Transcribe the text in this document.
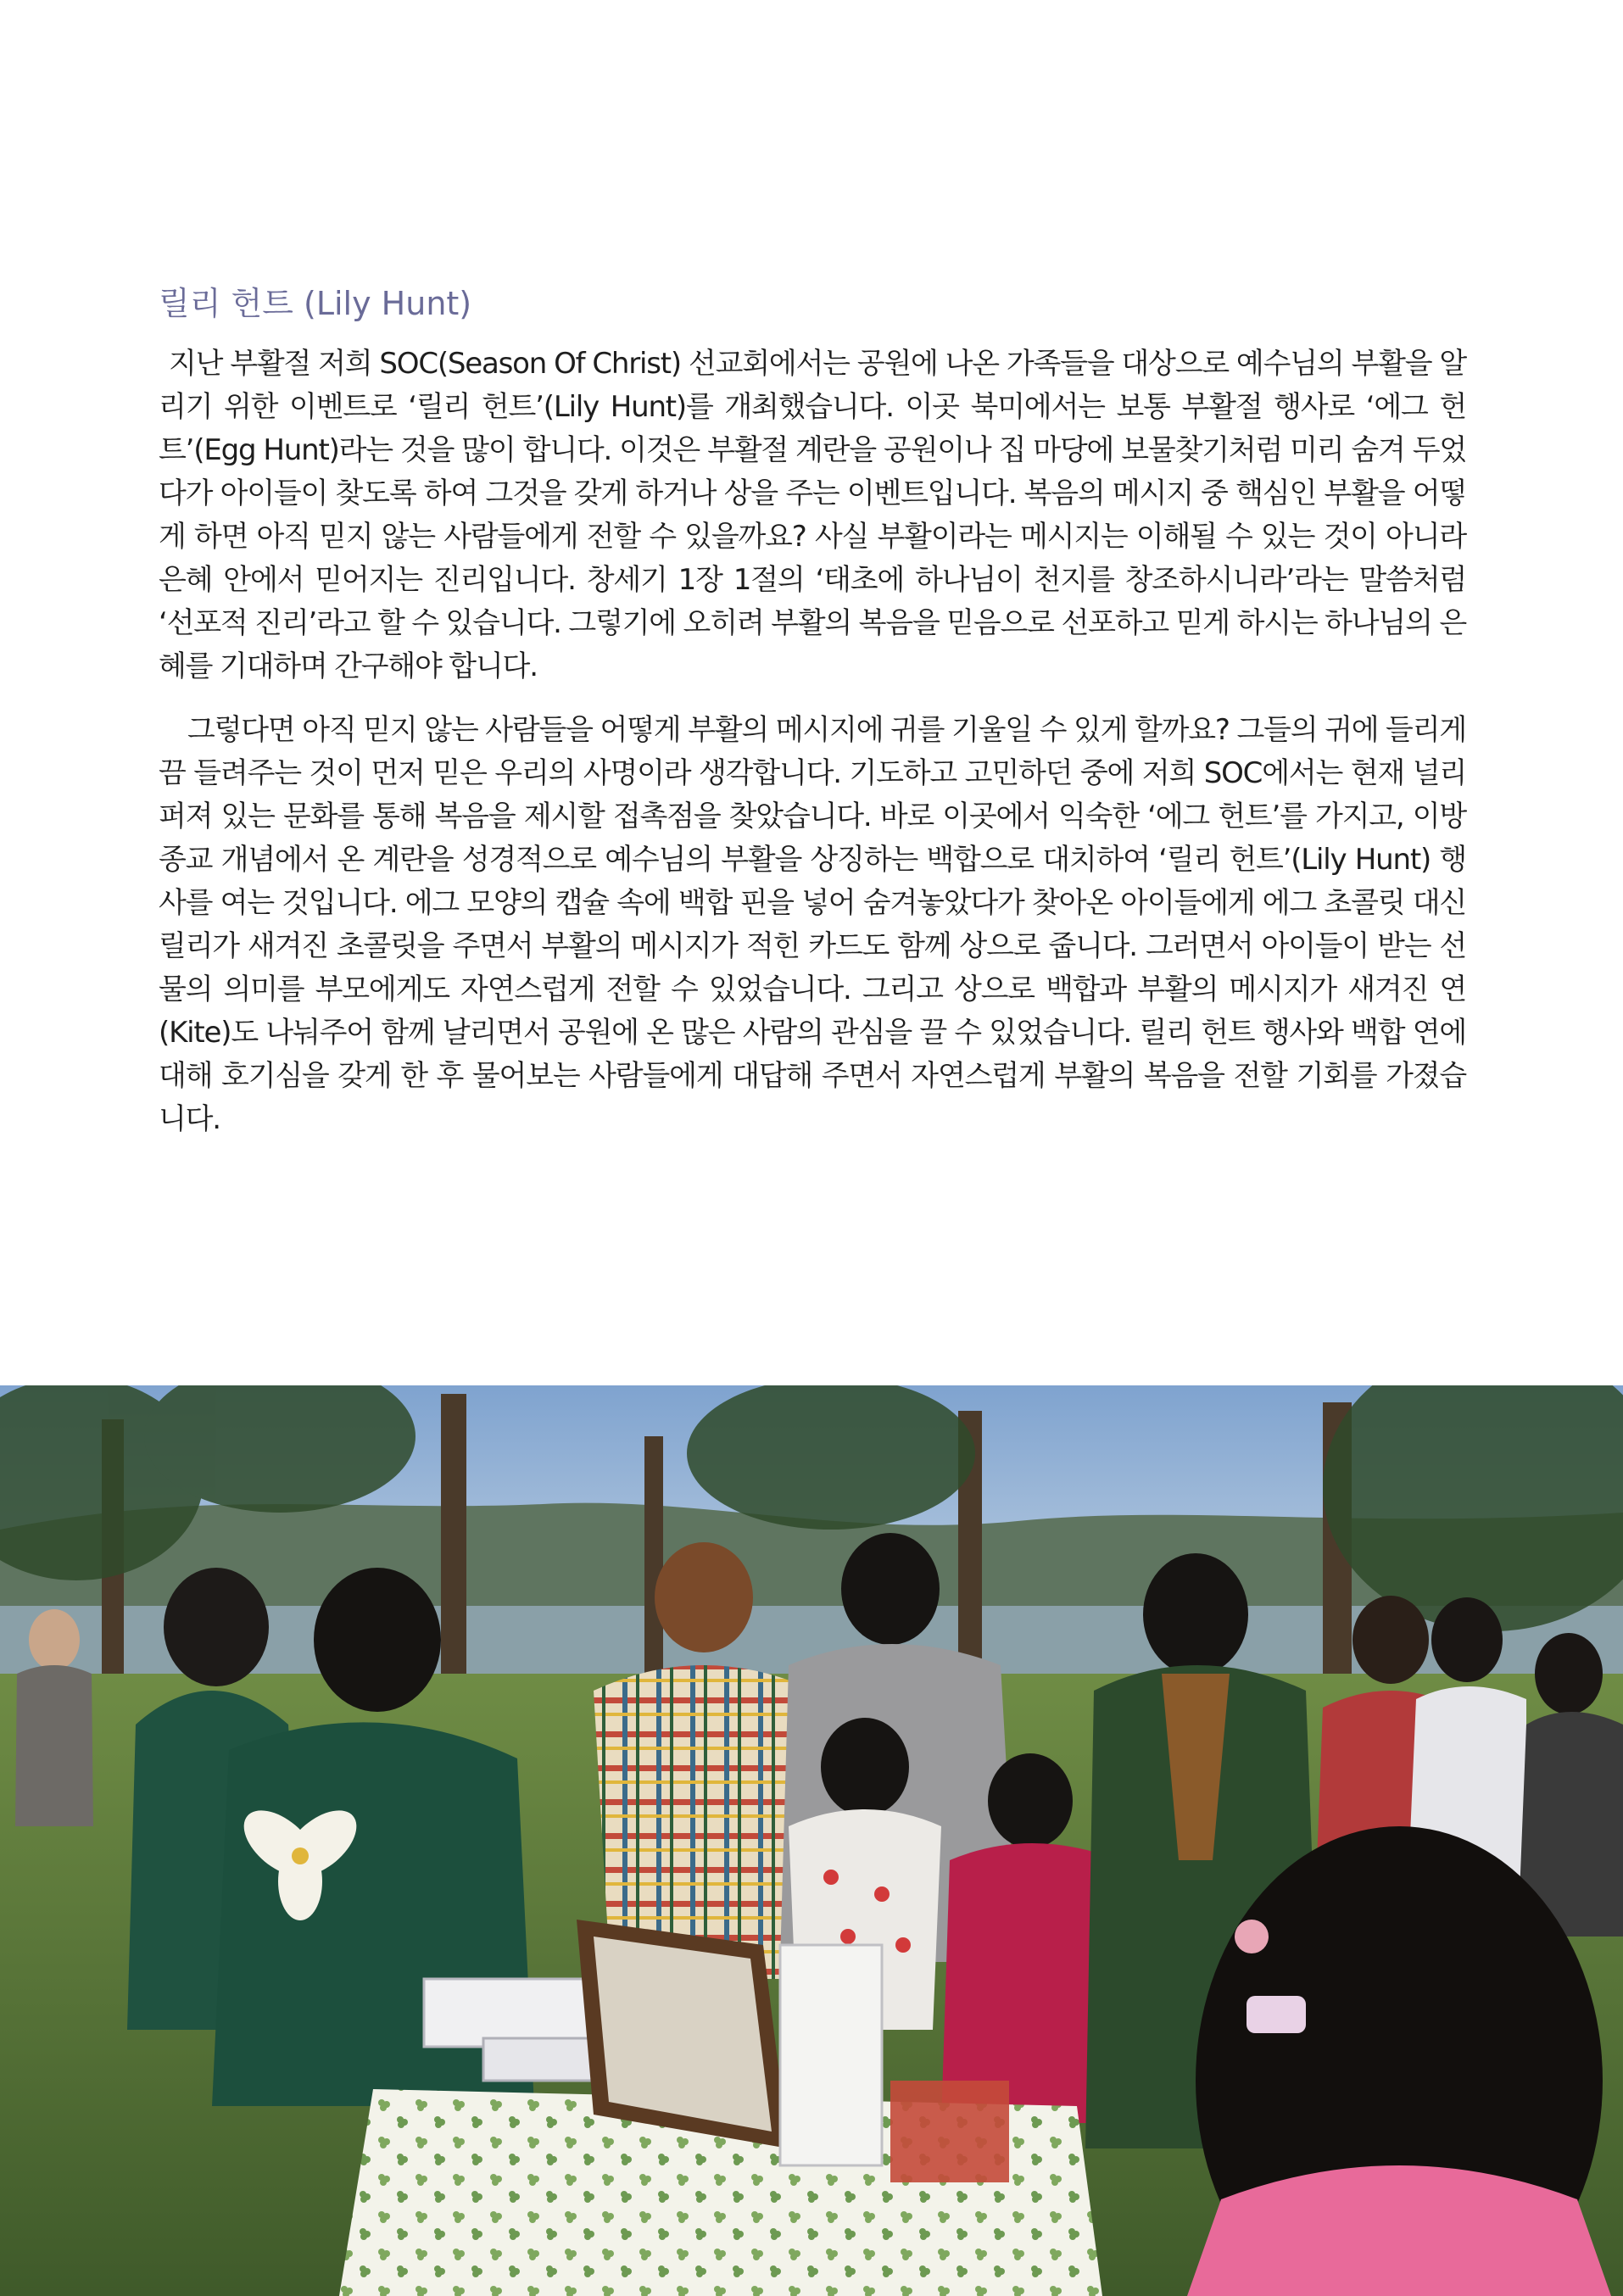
릴리 헌트 (Lily Hunt)

지난 부활절 저희 SOC(Season Of Christ) 선교회에서는 공원에 나온 가족들을 대상으로 예수님의 부활을 알리기 위한 이벤트로 ‘릴리 헌트’(Lily Hunt)를 개최했습니다. 이곳 북미에서는 보통 부활절 행사로 ‘에그 헌트’(Egg Hunt)라는 것을 많이 합니다. 이것은 부활절 계란을 공원이나 집 마당에 보물찾기처럼 미리 숨겨 두었다가 아이들이 찾도록 하여 그것을 갖게 하거나 상을 주는 이벤트입니다. 복음의 메시지 중 핵심인 부활을 어떻게 하면 아직 믿지 않는 사람들에게 전할 수 있을까요? 사실 부활이라는 메시지는 이해될 수 있는 것이 아니라 은혜 안에서 믿어지는 진리입니다. 창세기 1장 1절의 ‘태초에 하나님이 천지를 창조하시니라’라는 말씀처럼 ‘선포적 진리’라고 할 수 있습니다. 그렇기에 오히려 부활의 복음을 믿음으로 선포하고 믿게 하시는 하나님의 은혜를 기대하며 간구해야 합니다.

그렇다면 아직 믿지 않는 사람들을 어떻게 부활의 메시지에 귀를 기울일 수 있게 할까요? 그들의 귀에 들리게끔 들려주는 것이 먼저 믿은 우리의 사명이라 생각합니다. 기도하고 고민하던 중에 저희 SOC에서는 현재 널리 퍼져 있는 문화를 통해 복음을 제시할 접촉점을 찾았습니다. 바로 이곳에서 익숙한 ‘에그 헌트’를 가지고, 이방 종교 개념에서 온 계란을 성경적으로 예수님의 부활을 상징하는 백합으로 대치하여 ‘릴리 헌트’(Lily Hunt) 행사를 여는 것입니다. 에그 모양의 캡슐 속에 백합 핀을 넣어 숨겨놓았다가 찾아온 아이들에게 에그 초콜릿 대신 릴리가 새겨진 초콜릿을 주면서 부활의 메시지가 적힌 카드도 함께 상으로 줍니다. 그러면서 아이들이 받는 선물의 의미를 부모에게도 자연스럽게 전할 수 있었습니다. 그리고 상으로 백합과 부활의 메시지가 새겨진 연(Kite)도 나눠주어 함께 날리면서 공원에 온 많은 사람의 관심을 끌 수 있었습니다. 릴리 헌트 행사와 백합 연에 대해 호기심을 갖게 한 후 물어보는 사람들에게 대답해 주면서 자연스럽게 부활의 복음을 전할 기회를 가졌습니다.
